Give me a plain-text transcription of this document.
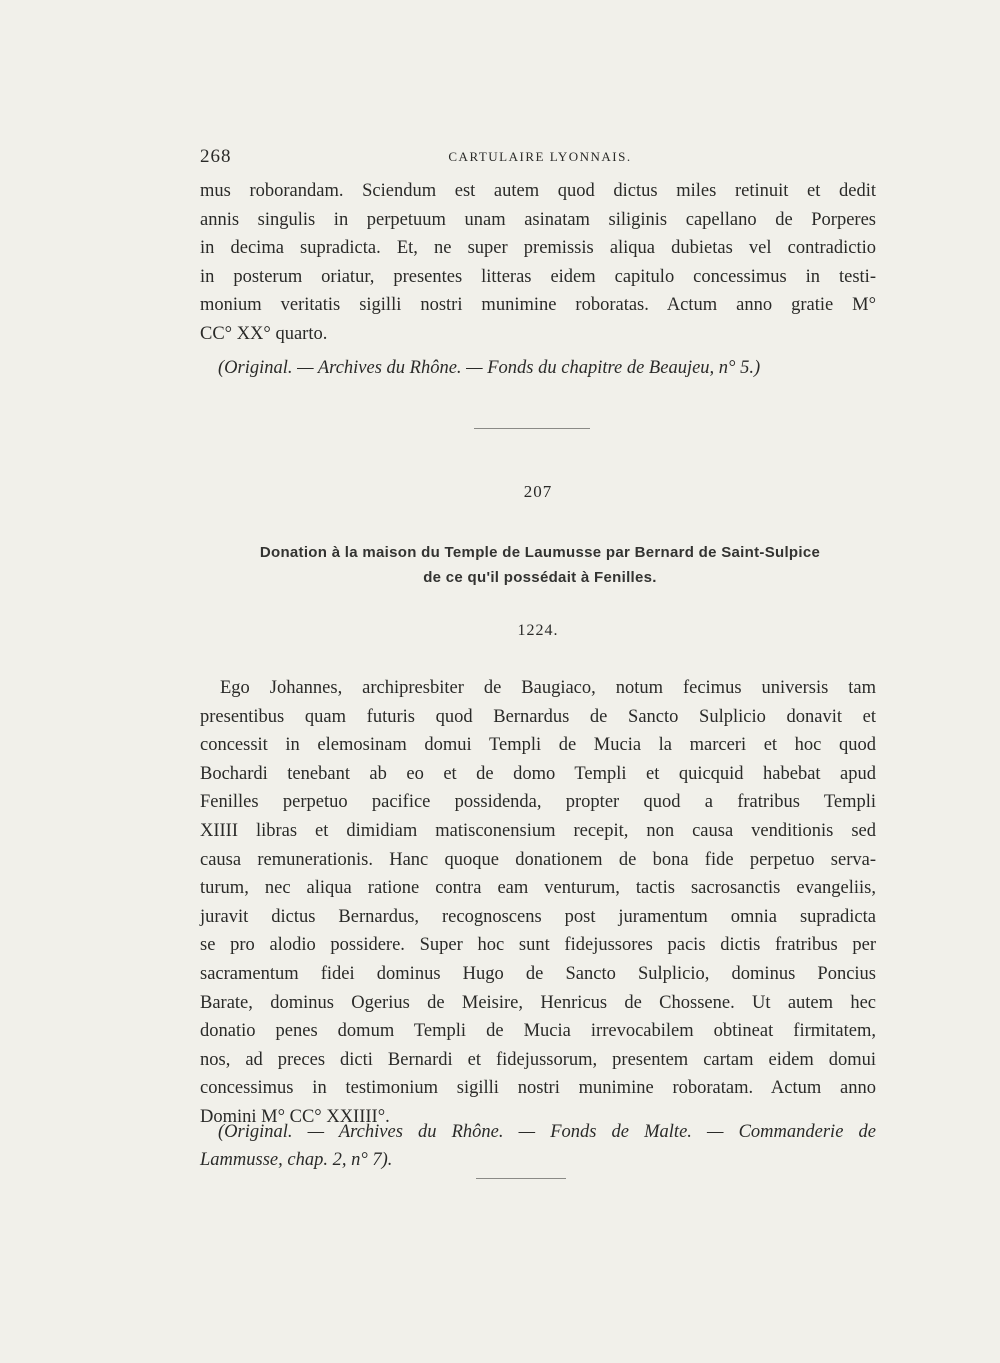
268	CARTULAIRE LYONNAIS.
mus roborandam. Sciendum est autem quod dictus miles retinuit et dedit
annis singulis in perpetuum unam asinatam siliginis capellano de Porperes
in decima supradicta. Et, ne super premissis aliqua dubietas vel contradictio
in posterum oriatur, presentes litteras eidem capitulo concessimus in testi-
monium veritatis sigilli nostri munimine roboratas. Actum anno gratie M°
CC° XX° quarto.
(Original. — Archives du Rhône. — Fonds du chapitre de Beaujeu, n° 5.)
207
Donation à la maison du Temple de Laumusse par Bernard de Saint-Sulpice
de ce qu'il possédait à Fenilles.
1224.
Ego Johannes, archipresbiter de Baugiaco, notum fecimus universis tam
presentibus quam futuris quod Bernardus de Sancto Sulplicio donavit et
concessit in elemosinam domui Templi de Mucia la marceri et hoc quod
Bochardi tenebant ab eo et de domo Templi et quicquid habebat apud
Fenilles perpetuo pacifice possidenda, propter quod a fratribus Templi
XIIII libras et dimidiam matisconensium recepit, non causa venditionis sed
causa remunerationis. Hanc quoque donationem de bona fide perpetuo serva-
turum, nec aliqua ratione contra eam venturum, tactis sacrosanctis evangeliis,
juravit dictus Bernardus, recognoscens post juramentum omnia supradicta
se pro alodio possidere. Super hoc sunt fidejussores pacis dictis fratribus per
sacramentum fidei dominus Hugo de Sancto Sulplicio, dominus Poncius
Barate, dominus Ogerius de Meisire, Henricus de Chossene. Ut autem hec
donatio penes domum Templi de Mucia irrevocabilem obtineat firmitatem,
nos, ad preces dicti Bernardi et fidejussorum, presentem cartam eidem domui
concessimus in testimonium sigilli nostri munimine roboratam. Actum anno
Domini M° CC° XXIIII°.
(Original. — Archives du Rhône. — Fonds de Malte. — Commanderie de
Lammusse, chap. 2, n° 7).
